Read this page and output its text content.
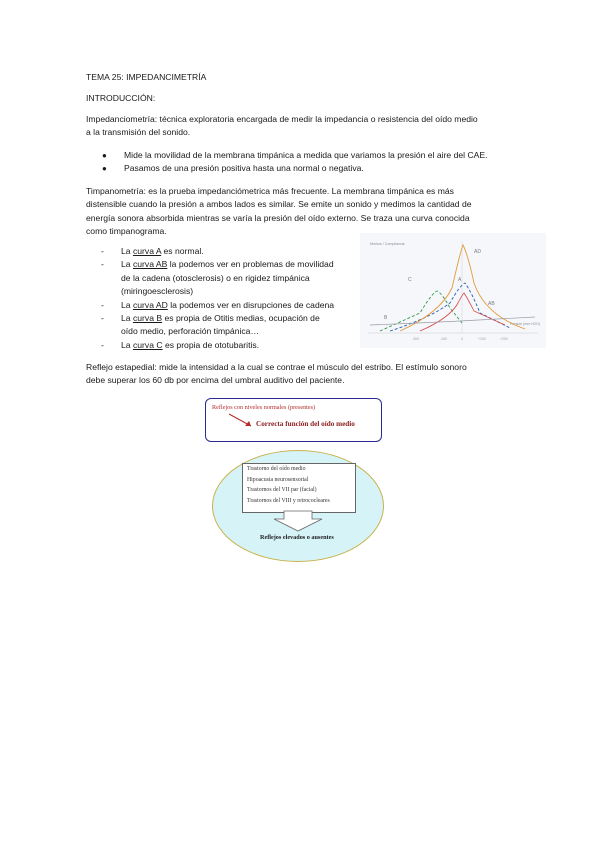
TEMA 25: IMPEDANCIMETRÍA
INTRODUCCIÓN:
Impedanciometría: técnica exploratoria encargada de medir la impedancia o resistencia del oído medio
a la transmisión del sonido.
● Mide la movilidad de la membrana timpánica a medida que variamos la presión el aire del CAE.
● Pasamos de una presión positiva hasta una normal o negativa.
Timpanometría: es la prueba impedanciómetrica más frecuente. La membrana timpánica es más
distensible cuando la presión a ambos lados es similar. Se emite un sonido y medimos la cantidad de
energía sonora absorbida mientras se varía la presión del oído externo. Se traza una curva conocida
como timpanograma.
- La curva A es normal.
- La curva AB la podemos ver en problemas de movilidad
de la cadena (otosclerosis) o en rigidez timpánica
(miringoesclerosis)
- La curva AD la podemos ver en disrupciones de cadena
- La curva B es propia de Otitis medias, ocupación de
oído medio, perforación timpánica…
- La curva C es propia de ototubaritis.
Mmhos / Compliancia
Presión (mm H2O)
AD
A
C
B
AB
-300	-100	0	+100	+200
Reflejo estapedial: mide la intensidad a la cual se contrae el músculo del estribo. El estímulo sonoro
debe superar los 60 db por encima del umbral auditivo del paciente.
Reflejos con niveles normales (presentes)
Correcta función del oído medio
Trastorno del oído medio
Hipoacusia neurosensorial
Trastornos del VII par (facial)
Trastornos del VIII y retrococleares
Reflejos elevados o ausentes
